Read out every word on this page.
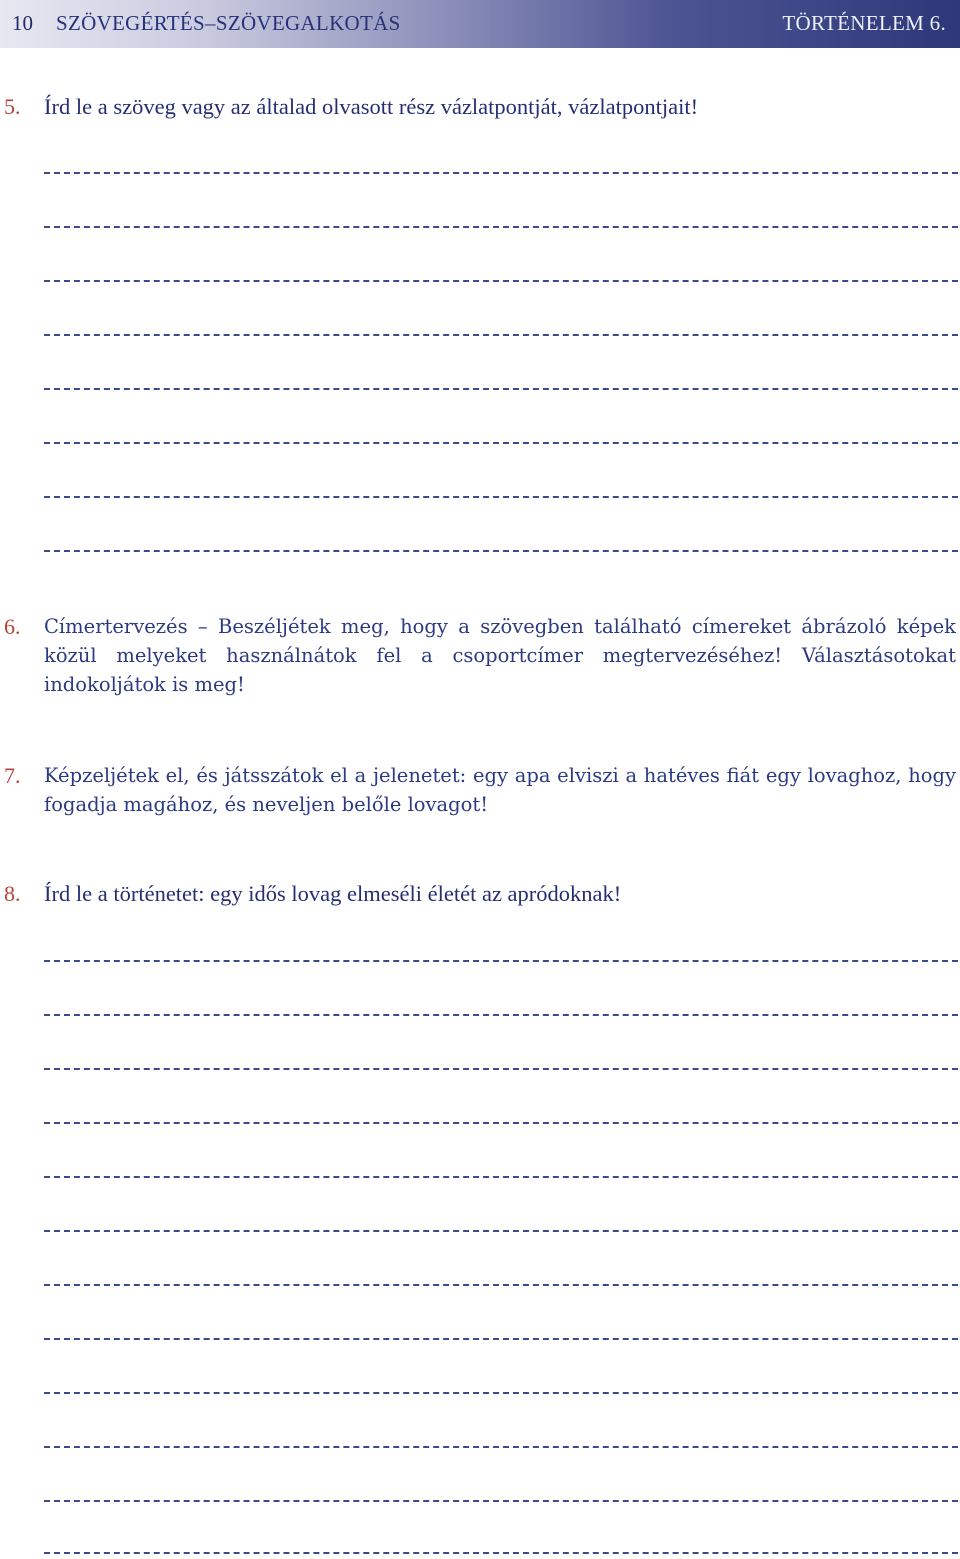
10 SZÖVEGÉRTÉS–SZÖVEGALKOTÁS	TÖRTÉNELEM 6.
5. Írd le a szöveg vagy az általad olvasott rész vázlatpontját, vázlatpontjait!
6. Címertervezés – Beszéljétek meg, hogy a szövegben található címereket ábrázoló képek közül melyeket használnátok fel a csoportcímer megtervezéséhez! Választásotokat indokoljátok is meg!
7. Képzeljétek el, és játsszátok el a jelenetet: egy apa elviszi a hatéves fiát egy lovaghoz, hogy fogadja magához, és neveljen belőle lovagot!
8. Írd le a történetet: egy idős lovag elmeséli életét az apródoknak!
